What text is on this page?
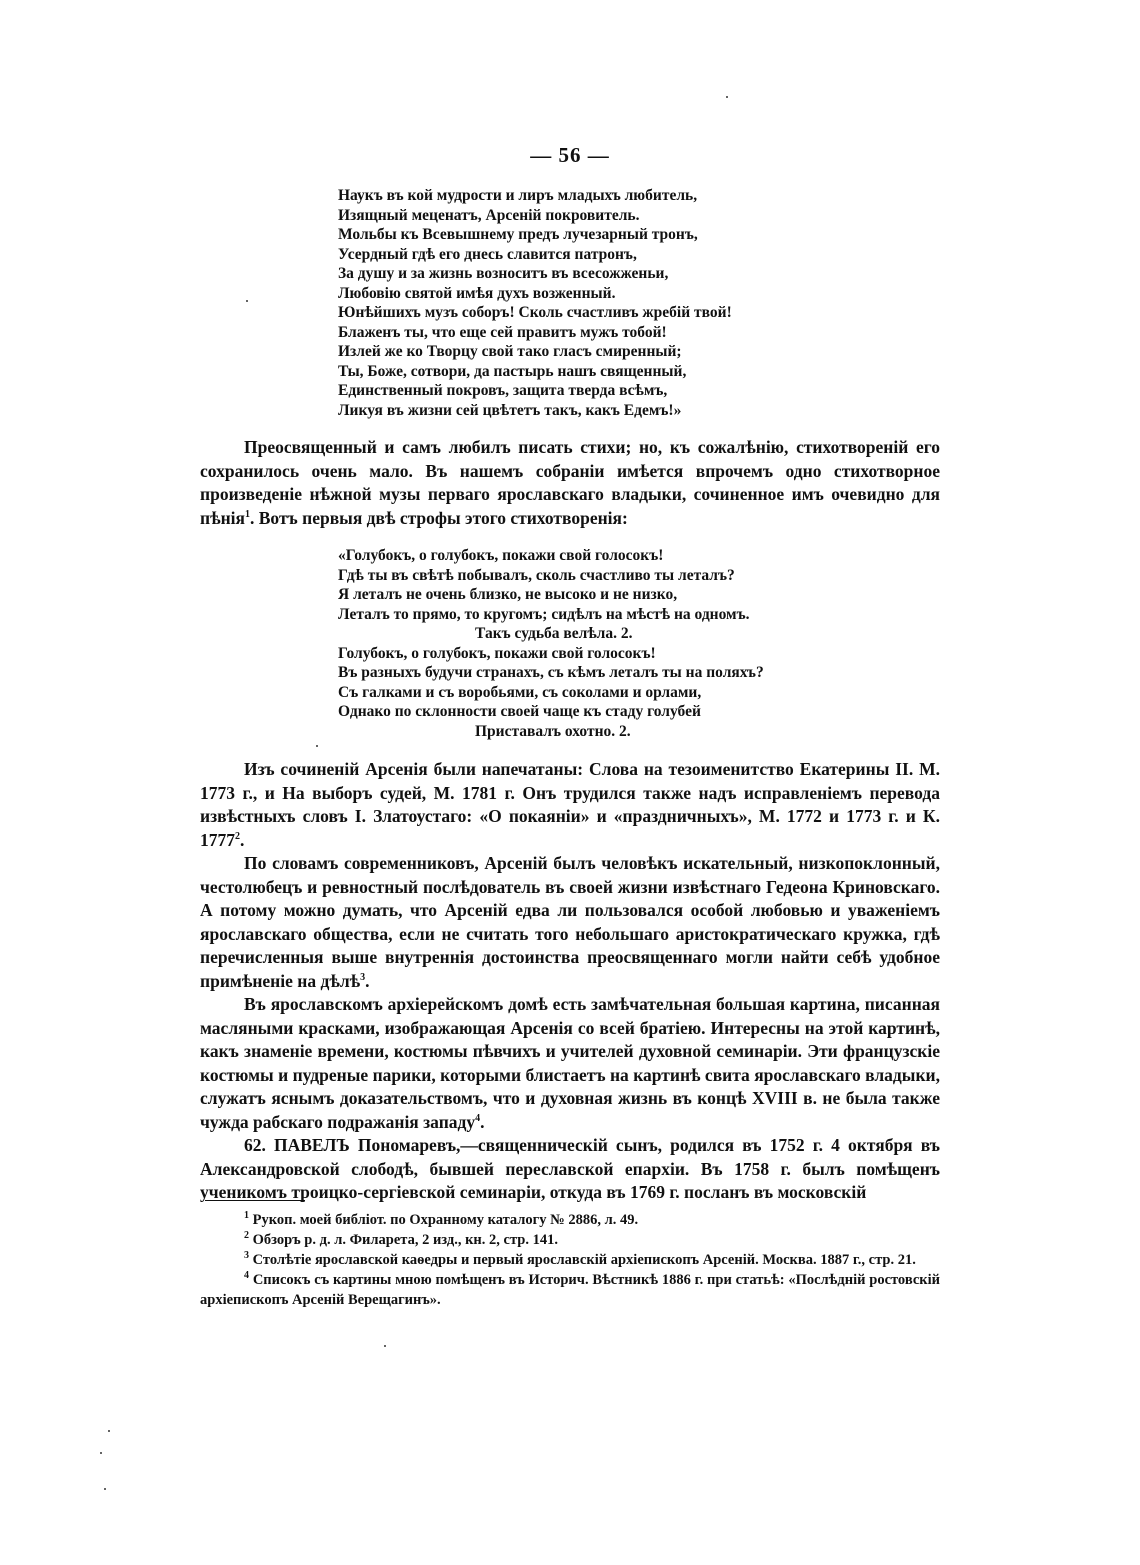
— 56 —
Наукъ въ кой мудрости и лиръ младыхъ любитель,
Изящный меценатъ, Арсеній покровитель.
Мольбы къ Всевышнему предъ лучезарный тронъ,
Усердный гдѣ его днесь славится патронъ,
За душу и за жизнь возноситъ въ всесожженьи,
Любовію святой имѣя духъ возженный.
Юнѣйшихъ музъ соборъ! Сколь счастливъ жребій твой!
Блаженъ ты, что еще сей правитъ мужъ тобой!
Излей же ко Творцу свой тако гласъ смиренный;
Ты, Боже, сотвори, да пастырь нашъ священный,
Единственный покровъ, защита тверда всѣмъ,
Ликуя въ жизни сей цвѣтетъ такъ, какъ Едемъ!»

Преосвященный и самъ любилъ писать стихи; но, къ сожалѣнію, стихотвореній его сохранилось очень мало. Въ нашемъ собраніи имѣется впрочемъ одно стихотворное произведеніе нѣжной музы перваго ярославскаго владыки, сочиненное имъ очевидно для пѣнія$^1$. Вотъ первыя двѣ строфы этого стихотворенія:

«Голубокъ, о голубокъ, покажи свой голосокъ!
Гдѣ ты въ свѣтѣ побывалъ, сколь счастливо ты леталъ?
Я леталъ не очень близко, не высоко и не низко,
Леталъ то прямо, то кругомъ; сидѣлъ на мѣстѣ на одномъ.
Такъ судьба велѣла. 2.
Голубокъ, о голубокъ, покажи свой голосокъ!
Въ разныхъ будучи странахъ, съ кѣмъ леталъ ты на поляхъ?
Съ галками и съ воробьями, съ соколами и орлами,
Однако по склонности своей чаще къ стаду голубей
Приставалъ охотно. 2.

Изъ сочиненій Арсенія были напечатаны: Слова на тезоименитство Екатерины II. М. 1773 г., и На выборъ судей, М. 1781 г. Онъ трудился также надъ исправленіемъ перевода извѣстныхъ словъ І. Златоустаго: «О покаяніи» и «праздничныхъ», М. 1772 и 1773 г. и К. 1777$^2$.

По словамъ современниковъ, Арсеній былъ человѣкъ искательный, низкопоклонный, честолюбецъ и ревностный послѣдователь въ своей жизни извѣстнаго Гедеона Криновскаго. А потому можно думать, что Арсеній едва ли пользовался особой любовью и уваженіемъ ярославскаго общества, если не считать того небольшаго аристократическаго кружка, гдѣ перечисленныя выше внутреннія достоинства преосвященнаго могли найти себѣ удобное примѣненіе на дѣлѣ$^3$.

Въ ярославскомъ архіерейскомъ домѣ есть замѣчательная большая картина, писанная масляными красками, изображающая Арсенія со всей братіею. Интересны на этой картинѣ, какъ знаменіе времени, костюмы пѣвчихъ и учителей духовной семинаріи. Эти французскіе костюмы и пудреные парики, которыми блистаетъ на картинѣ свита ярославскаго владыки, служатъ яснымъ доказательствомъ, что и духовная жизнь въ концѣ XVIII в. не была также чужда рабскаго подражанія западу$^4$.

62. ПАВЕЛЪ Пономаревъ,—священническій сынъ, родился въ 1752 г. 4 октября въ Александровской слободѣ, бывшей переславской епархіи. Въ 1758 г. былъ помѣщенъ ученикомъ троицко-сергіевской семинаріи, откуда въ 1769 г. посланъ въ московскій

$^1$ Рукоп. моей библіот. по Охранному каталогу № 2886, л. 49.

$^2$ Обзоръ р. д. л. Филарета, 2 изд., кн. 2, стр. 141.

$^3$ Столѣтіе ярославской каѳедры и первый ярославскій архіепископъ Арсеній. Москва. 1887 г., стр. 21.

$^4$ Списокъ съ картины мною помѣщенъ въ Историч. Вѣстникѣ 1886 г. при статьѣ: «Послѣдній ростовскій архіепископъ Арсеній Верещагинъ».
